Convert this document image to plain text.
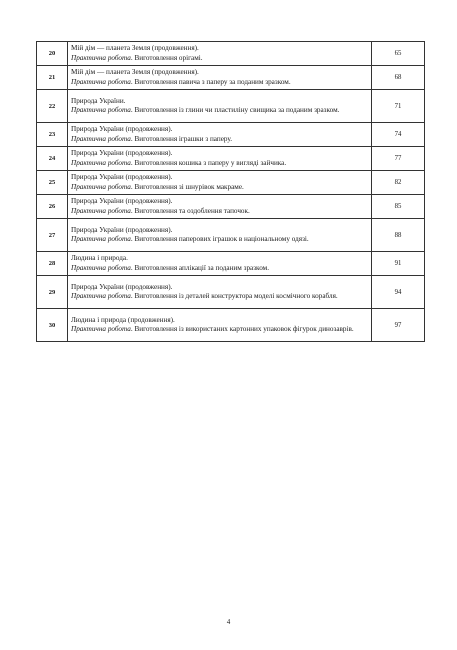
20	Мій дім — планета Земля (продовження).
Практична робота. Виготовлення орігамі.	65
21	Мій дім — планета Земля (продовження).
Практична робота. Виготовлення павича з паперу за поданим зразком.	68
22	Природа України.
Практична робота. Виготовлення із глини чи пластиліну свищика за поданим зразком.	71
23	Природа України (продовження).
Практична робота. Виготовлення іграшки з паперу.	74
24	Природа України (продовження).
Практична робота. Виготовлення кошика з паперу у вигляді зайчика.	77
25	Природа України (продовження).
Практична робота. Виготовлення зі шнурівок макраме.	82
26	Природа України (продовження).
Практична робота. Виготовлення та оздоблення тапочок.	85
27	Природа України (продовження).
Практична робота. Виготовлення паперових іграшок в національному одязі.	88
28	Людина і природа.
Практична робота. Виготовлення аплікації за поданим зразком.	91
29	Природа України (продовження).
Практична робота. Виготовлення із деталей конструктора моделі космічного корабля.	94
30	Людина і природа (продовження).
Практична робота. Виготовлення із використаних картонних упаковок фігурок динозаврів.	97
4
